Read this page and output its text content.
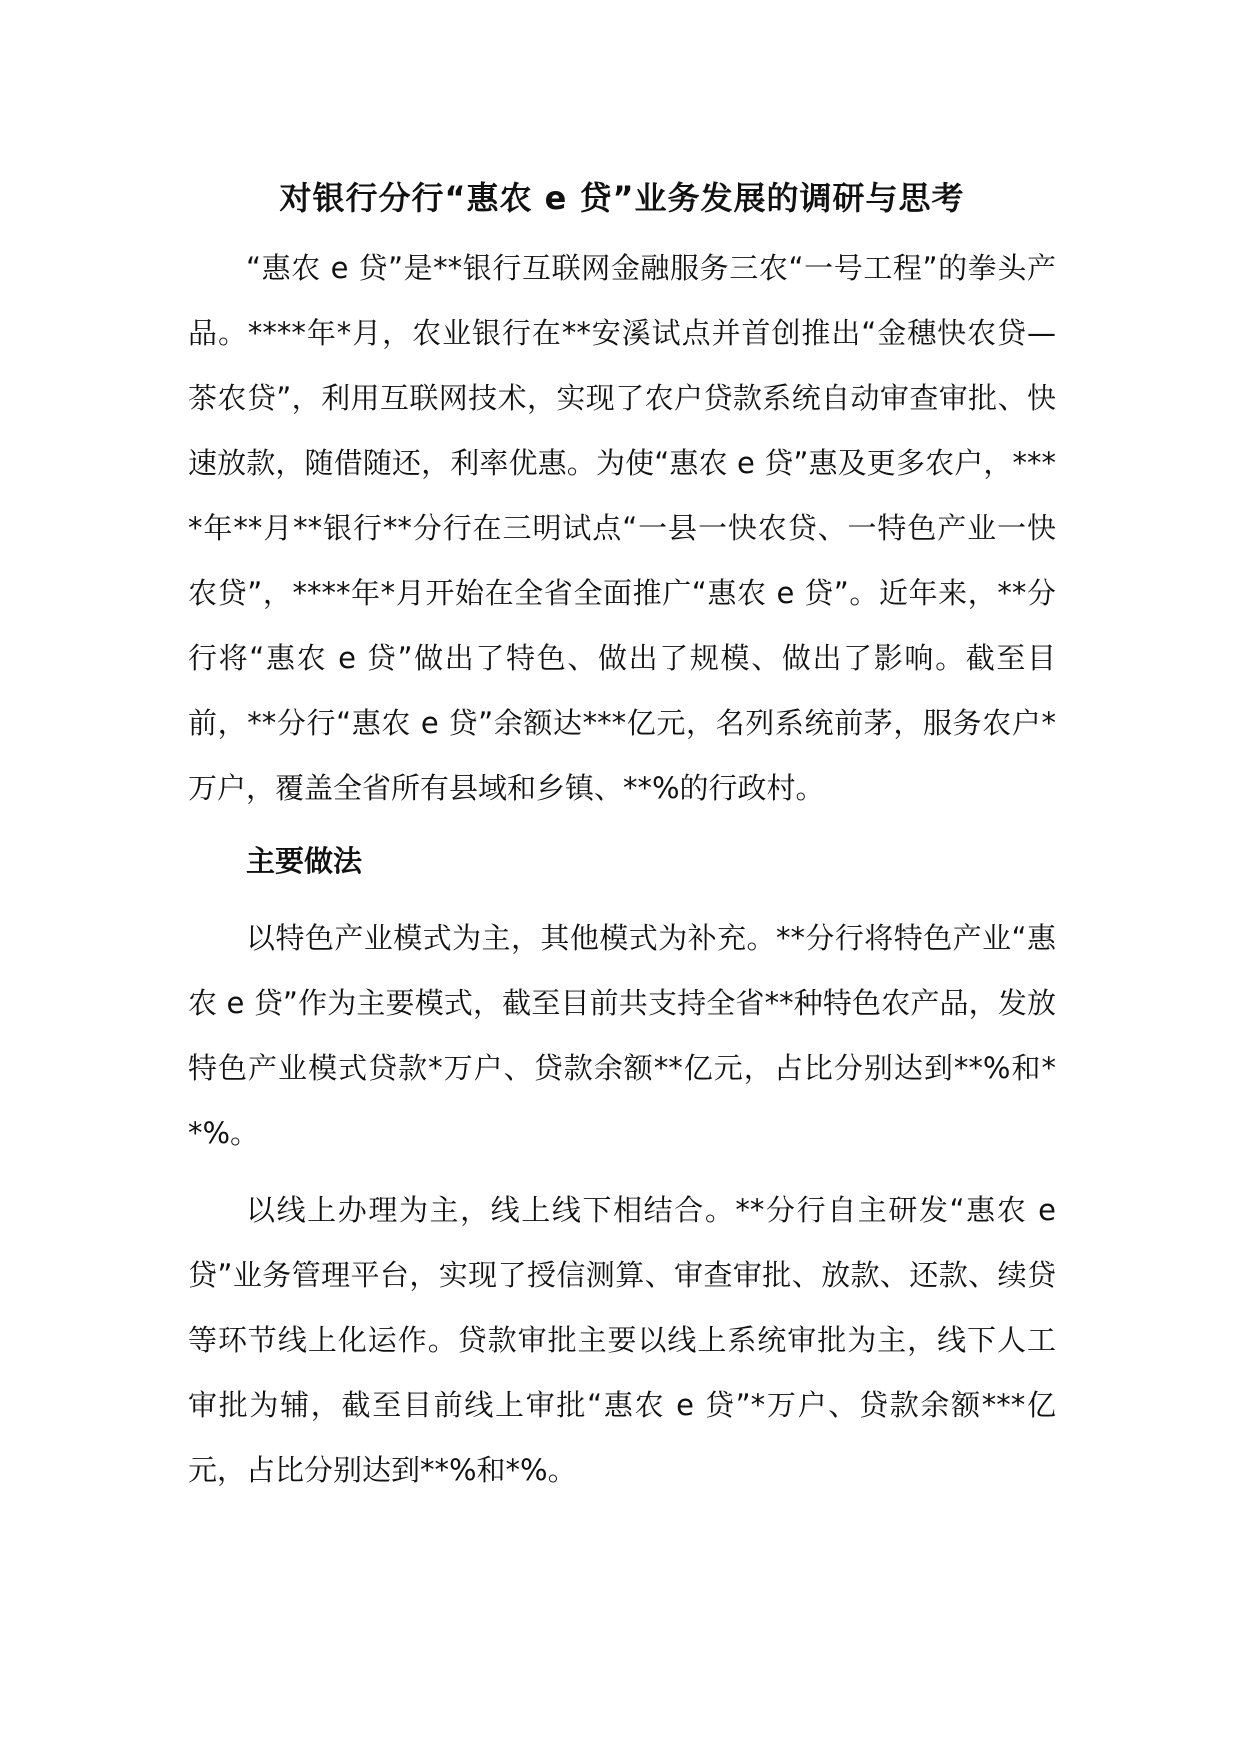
对银行分行“惠农 e 贷”业务发展的调研与思考

“惠农 e 贷”是**银行互联网金融服务三农“一号工程”的拳头产品。****年*月，农业银行在**安溪试点并首创推出“金穗快农贷—茶农贷”，利用互联网技术，实现了农户贷款系统自动审查审批、快速放款，随借随还，利率优惠。为使“惠农 e 贷”惠及更多农户，****年**月**银行**分行在三明试点“一县一快农贷、一特色产业一快农贷”，****年*月开始在全省全面推广“惠农 e 贷”。近年来，**分行将“惠农 e 贷”做出了特色、做出了规模、做出了影响。截至目前，**分行“惠农 e 贷”余额达***亿元，名列系统前茅，服务农户*万户，覆盖全省所有县域和乡镇、**%的行政村。

主要做法

以特色产业模式为主，其他模式为补充。**分行将特色产业“惠农 e 贷”作为主要模式，截至目前共支持全省**种特色农产品，发放特色产业模式贷款*万户、贷款余额**亿元，占比分别达到**%和**%。

以线上办理为主，线上线下相结合。**分行自主研发“惠农 e 贷”业务管理平台，实现了授信测算、审查审批、放款、还款、续贷等环节线上化运作。贷款审批主要以线上系统审批为主，线下人工审批为辅，截至目前线上审批“惠农 e 贷”*万户、贷款余额***亿元，占比分别达到**%和*%。
